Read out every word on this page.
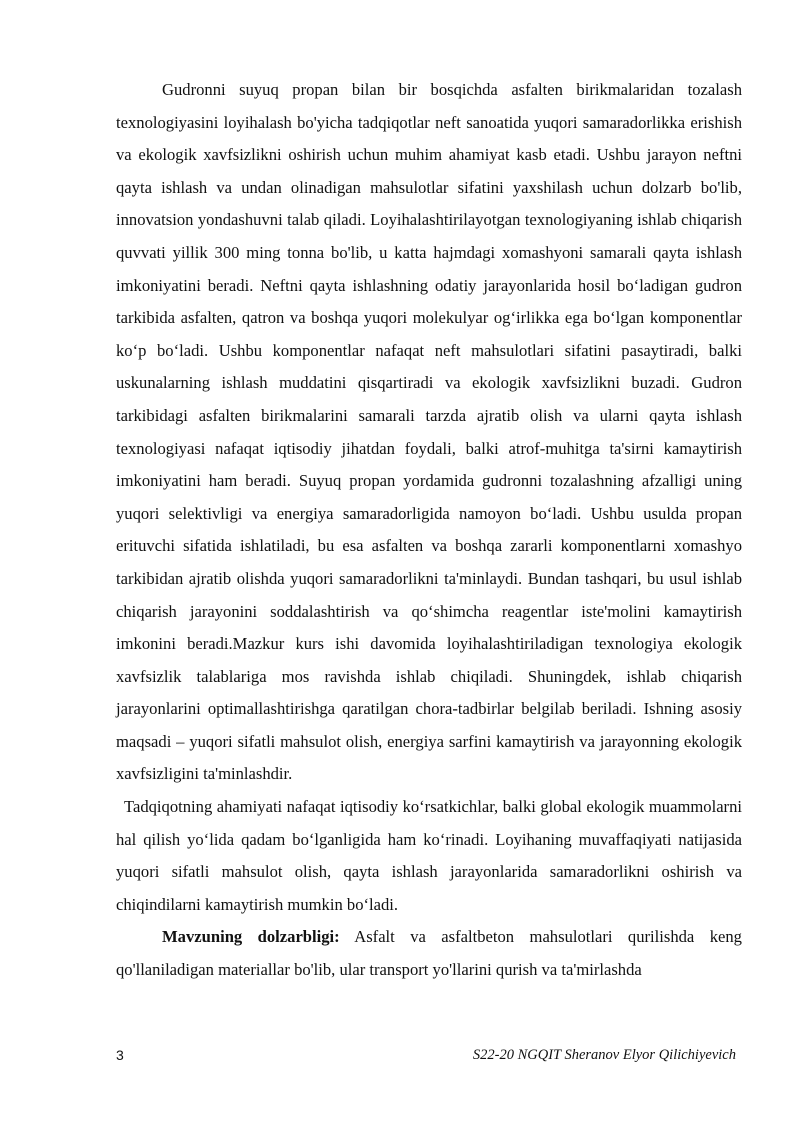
Gudronni suyuq propan bilan bir bosqichda asfalten birikmalaridan tozalash texnologiyasini loyihalash bo'yicha tadqiqotlar neft sanoatida yuqori samaradorlikka erishish va ekologik xavfsizlikni oshirish uchun muhim ahamiyat kasb etadi. Ushbu jarayon neftni qayta ishlash va undan olinadigan mahsulotlar sifatini yaxshilash uchun dolzarb bo'lib, innovatsion yondashuvni talab qiladi. Loyihalashtirilayotgan texnologiyaning ishlab chiqarish quvvati yillik 300 ming tonna bo'lib, u katta hajmdagi xomashyoni samarali qayta ishlash imkoniyatini beradi. Neftni qayta ishlashning odatiy jarayonlarida hosil bo‘ladigan gudron tarkibida asfalten, qatron va boshqa yuqori molekulyar og‘irlikka ega bo‘lgan komponentlar ko‘p bo‘ladi. Ushbu komponentlar nafaqat neft mahsulotlari sifatini pasaytiradi, balki uskunalarning ishlash muddatini qisqartiradi va ekologik xavfsizlikni buzadi. Gudron tarkibidagi asfalten birikmalarini samarali tarzda ajratib olish va ularni qayta ishlash texnologiyasi nafaqat iqtisodiy jihatdan foydali, balki atrof-muhitga ta'sirni kamaytirish imkoniyatini ham beradi. Suyuq propan yordamida gudronni tozalashning afzalligi uning yuqori selektivligi va energiya samaradorligida namoyon bo‘ladi. Ushbu usulda propan erituvchi sifatida ishlatiladi, bu esa asfalten va boshqa zararli komponentlarni xomashyo tarkibidan ajratib olishda yuqori samaradorlikni ta'minlaydi. Bundan tashqari, bu usul ishlab chiqarish jarayonini soddalashtirish va qo‘shimcha reagentlar iste'molini kamaytirish imkonini beradi.Mazkur kurs ishi davomida loyihalashtiriladigan texnologiya ekologik xavfsizlik talablariga mos ravishda ishlab chiqiladi. Shuningdek, ishlab chiqarish jarayonlarini optimallashtirishga qaratilgan chora-tadbirlar belgilab beriladi. Ishning asosiy maqsadi – yuqori sifatli mahsulot olish, energiya sarfini kamaytirish va jarayonning ekologik xavfsizligini ta'minlashdir.

Tadqiqotning ahamiyati nafaqat iqtisodiy ko‘rsatkichlar, balki global ekologik muammolarni hal qilish yo‘lida qadam bo‘lganligida ham ko‘rinadi. Loyihaning muvaffaqiyati natijasida yuqori sifatli mahsulot olish, qayta ishlash jarayonlarida samaradorlikni oshirish va chiqindilarni kamaytirish mumkin bo‘ladi.

Mavzuning dolzarbligi: Asfalt va asfaltbeton mahsulotlari qurilishda keng qo'llaniladigan materiallar bo'lib, ular transport yo'llarini qurish va ta'mirlashda

3	S22-20 NGQIT Sheranov Elyor Qilichiyevich
